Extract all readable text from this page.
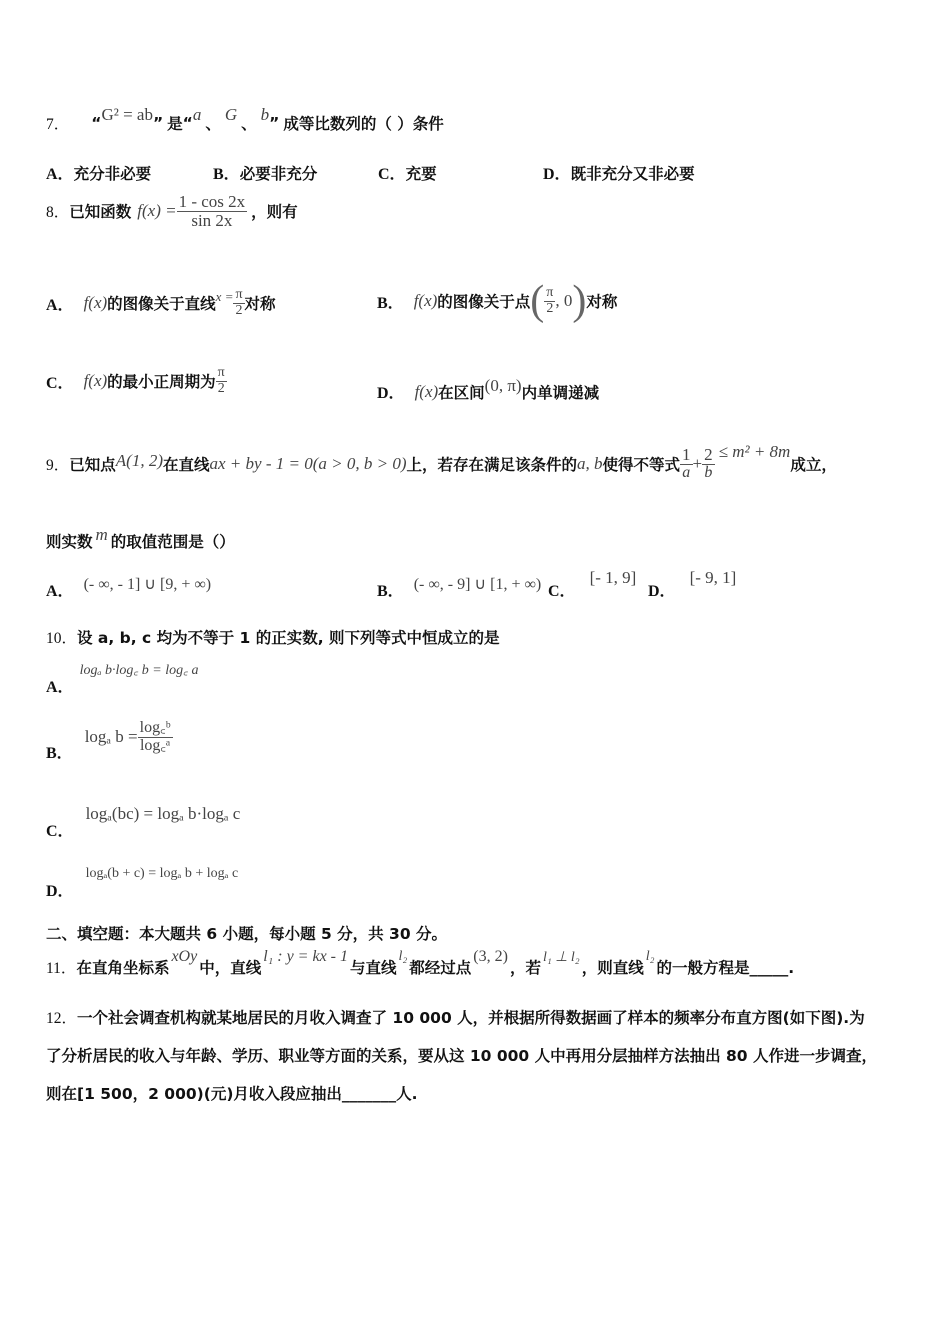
7． “ G² = ab ” 是 “ a 、 G 、 b ” 成等比数列的（ ）条件
A．充分非必要	B．必要非充分	C．充要	D．既非充分又非必要
8． 已知函数 $f(x) = \frac{1 - \cos 2x}{\sin 2x}$ ，则有
A． f(x) 的图像关于直线 $x = \frac{\pi}{2}$ 对称	B． f(x) 的图像关于点 ( $\frac{\pi}{2}$ , 0 ) 对称
C． f(x) 的最小正周期为 $\frac{\pi}{2}$	D． f(x) 在区间 (0, π) 内单调递减
9． 已知点 A(1, 2) 在直线 ax + by - 1 = 0(a > 0, b > 0) 上，若存在满足该条件的 a, b 使得不等式 $\frac{1}{a} + \frac{2}{b} \le m^2 + 8m$
成立，
则实数 m 的取值范围是（）
A． (- ∞, - 1] ∪ [9, + ∞)	B． (- ∞, - 9] ∪ [1, + ∞) C．
[- 1, 9]
D．
[- 9, 1]
10． 设 a, b, c 均为不等于 1 的正实数, 则下列等式中恒成立的是
A．
logₐ b·log꜀ b = log꜀ a
B．
logₐ $b = \frac{\text{log꜀ᵇ}}{\text{log꜀ᵃ}}$
C．
logₐ(bc) = logₐ b·logₐ c
D．
logₐ(b + c) = logₐ b + logₐ c
二、填空题：本大题共 6 小题，每小题 5 分，共 30 分。
11． 在直角坐标系
xOy
中，直线
l₁ : y = kx - 1
与直线
l₂
都经过点
(3, 2)
，若
l₁ ⊥ l₂
，则直线
l₂
的一般方程是_____.
12．一个社会调查机构就某地居民的月收入调查了 10 000 人，并根据所得数据画了样本的频率分布直方图(如下图).为
了分析居民的收入与年龄、学历、职业等方面的关系，要从这 10 000 人中再用分层抽样方法抽出 80 人作进一步调查，
则在[1 500，2 000)(元)月收入段应抽出_______人.
